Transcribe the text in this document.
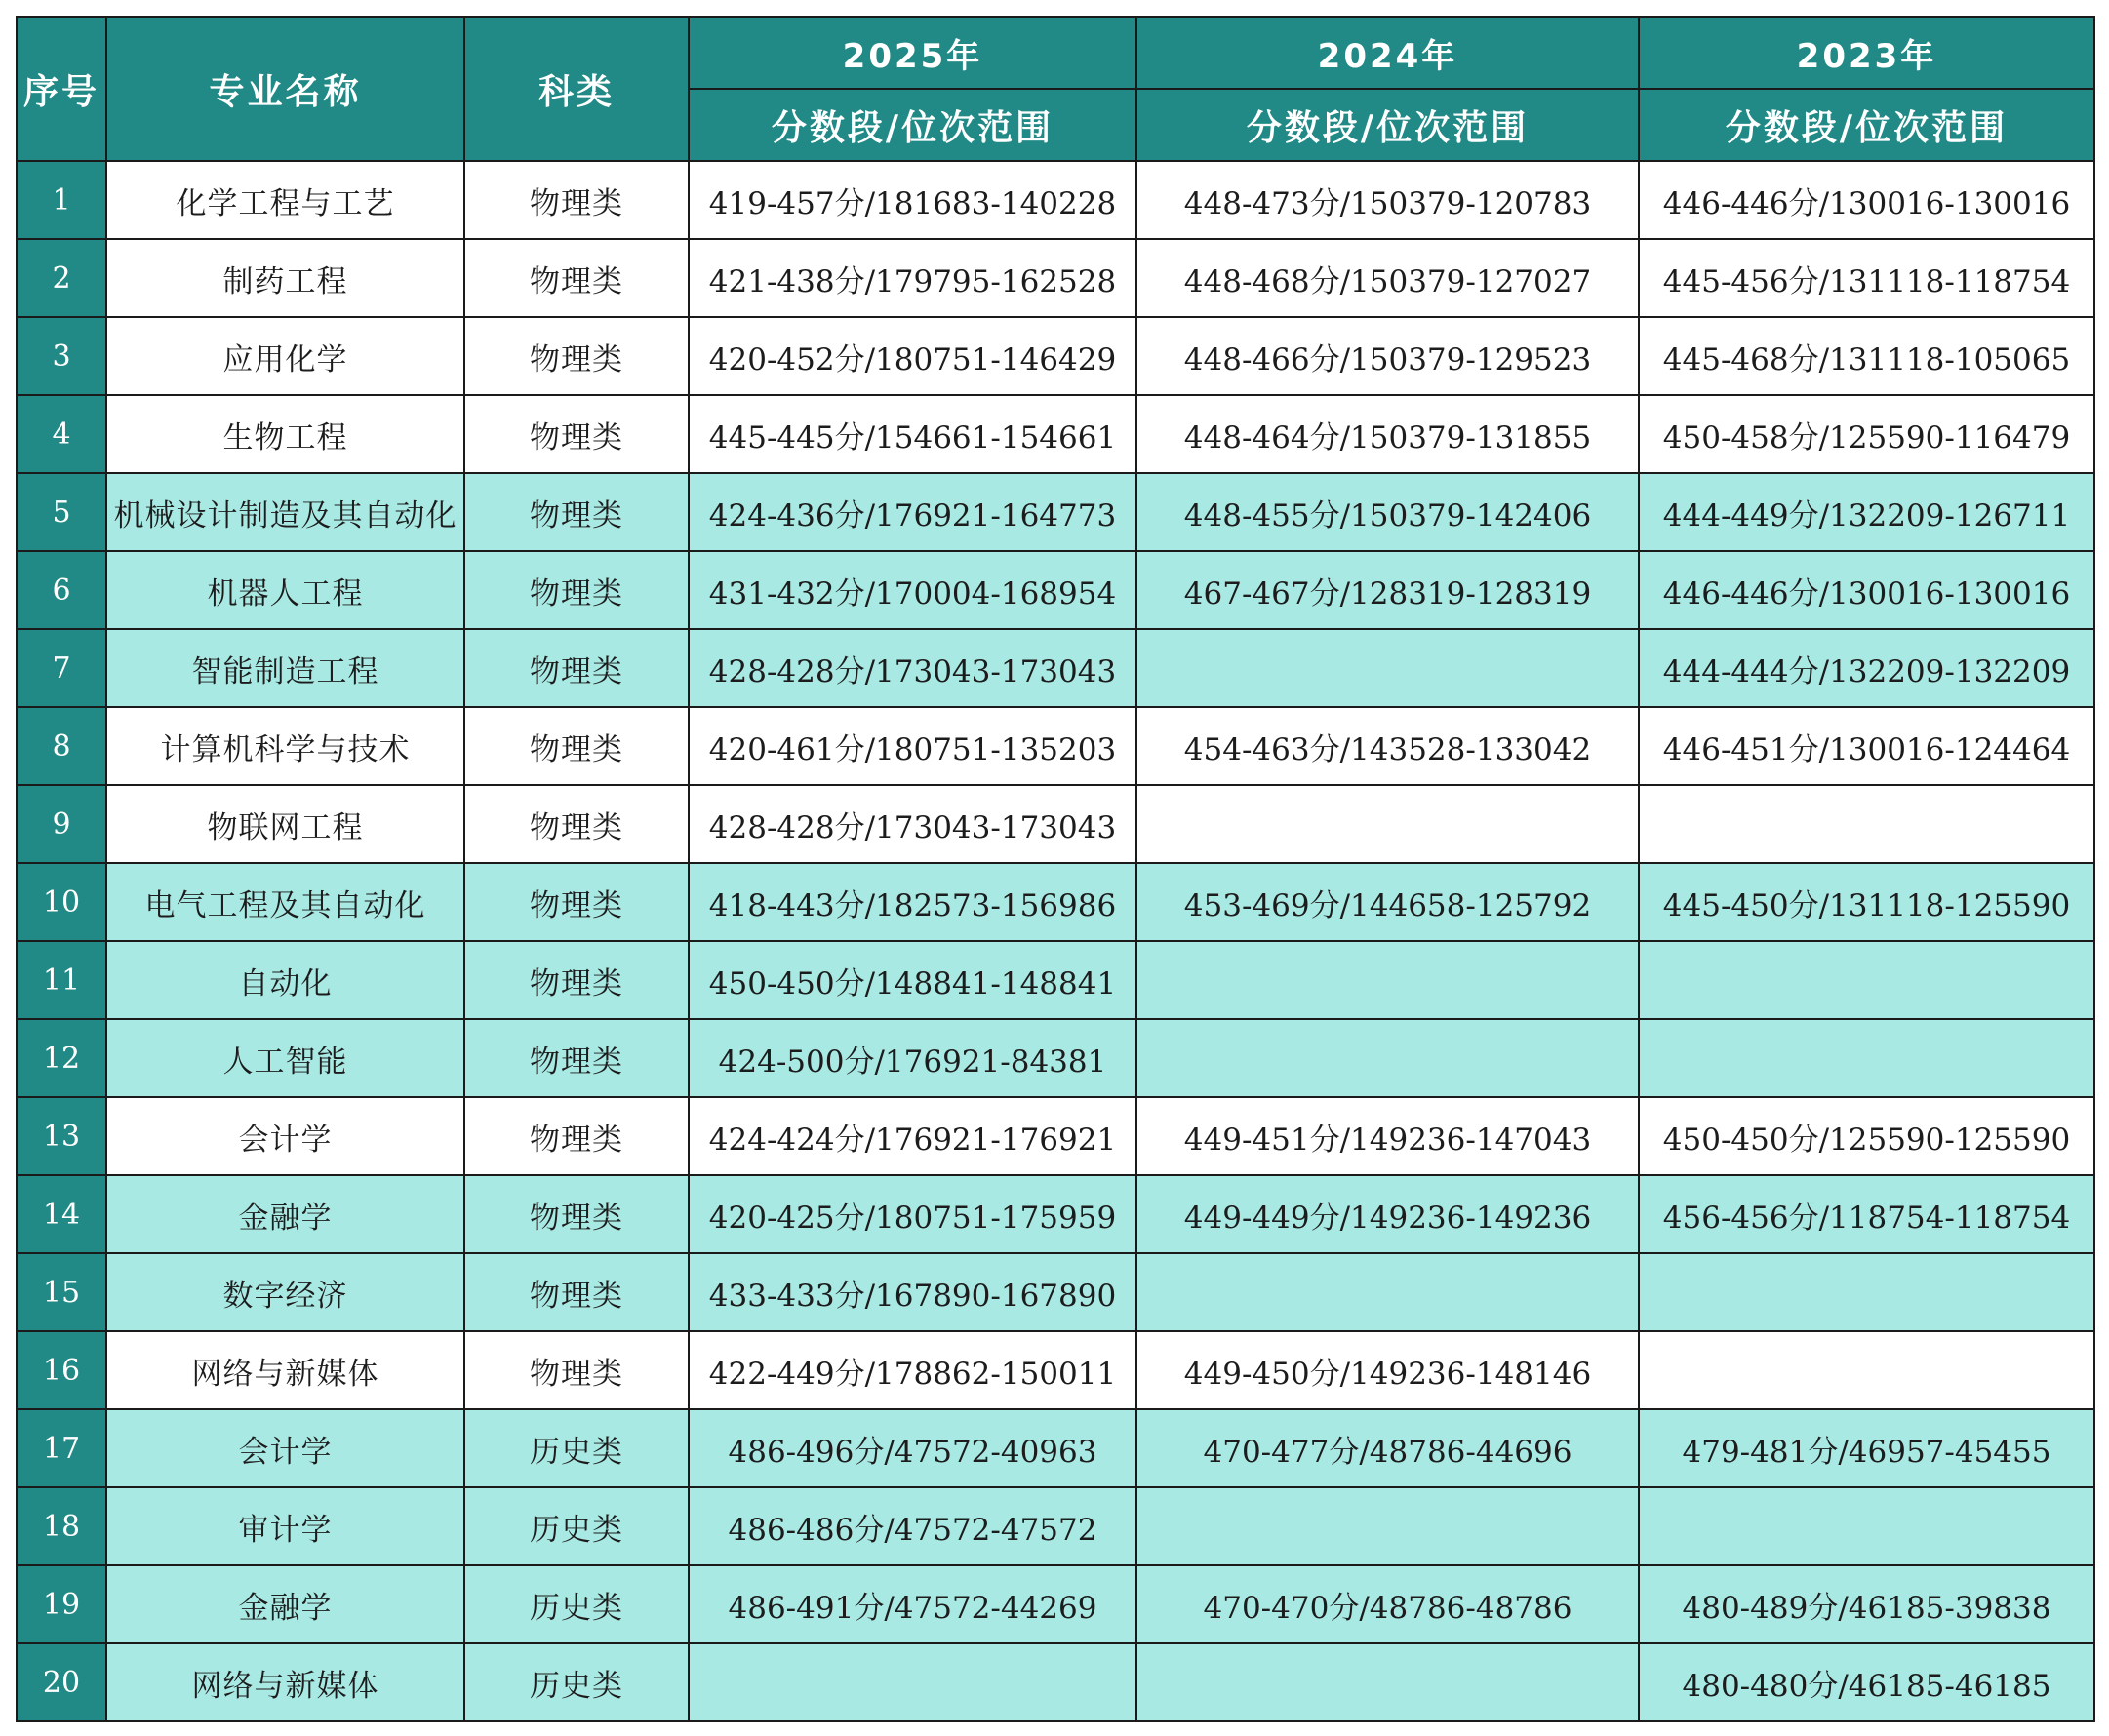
序号	专业名称	科类	2025年	2024年	2023年
			分数段/位次范围	分数段/位次范围	分数段/位次范围
1	化学工程与工艺	物理类	419-457分/181683-140228	448-473分/150379-120783	446-446分/130016-130016
2	制药工程	物理类	421-438分/179795-162528	448-468分/150379-127027	445-456分/131118-118754
3	应用化学	物理类	420-452分/180751-146429	448-466分/150379-129523	445-468分/131118-105065
4	生物工程	物理类	445-445分/154661-154661	448-464分/150379-131855	450-458分/125590-116479
5	机械设计制造及其自动化	物理类	424-436分/176921-164773	448-455分/150379-142406	444-449分/132209-126711
6	机器人工程	物理类	431-432分/170004-168954	467-467分/128319-128319	446-446分/130016-130016
7	智能制造工程	物理类	428-428分/173043-173043		444-444分/132209-132209
8	计算机科学与技术	物理类	420-461分/180751-135203	454-463分/143528-133042	446-451分/130016-124464
9	物联网工程	物理类	428-428分/173043-173043		
10	电气工程及其自动化	物理类	418-443分/182573-156986	453-469分/144658-125792	445-450分/131118-125590
11	自动化	物理类	450-450分/148841-148841		
12	人工智能	物理类	424-500分/176921-84381		
13	会计学	物理类	424-424分/176921-176921	449-451分/149236-147043	450-450分/125590-125590
14	金融学	物理类	420-425分/180751-175959	449-449分/149236-149236	456-456分/118754-118754
15	数字经济	物理类	433-433分/167890-167890		
16	网络与新媒体	物理类	422-449分/178862-150011	449-450分/149236-148146	
17	会计学	历史类	486-496分/47572-40963	470-477分/48786-44696	479-481分/46957-45455
18	审计学	历史类	486-486分/47572-47572		
19	金融学	历史类	486-491分/47572-44269	470-470分/48786-48786	480-489分/46185-39838
20	网络与新媒体	历史类			480-480分/46185-46185
